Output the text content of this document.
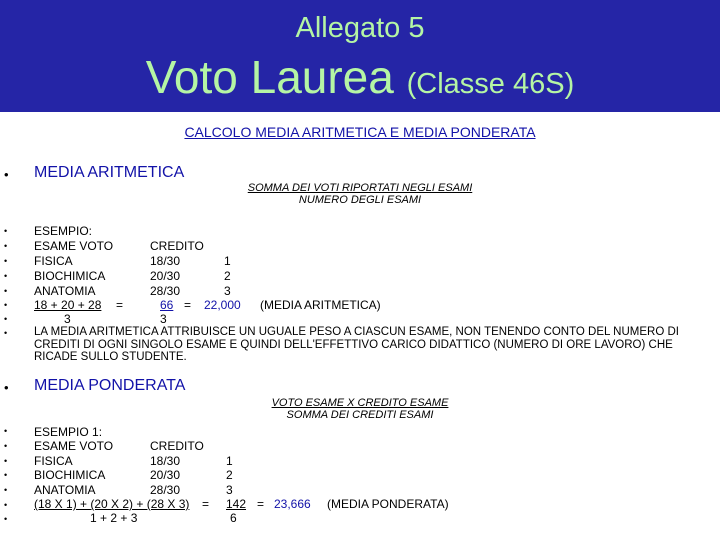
Allegato 5
Voto Laurea (Classe 46S)
CALCOLO MEDIA ARITMETICA E MEDIA PONDERATA
• MEDIA ARITMETICA
SOMMA DEI VOTI RIPORTATI NEGLI ESAMI
NUMERO DEGLI ESAMI
•
•
•
•
•
•
•
•
ESEMPIO:
ESAME VOTO	CREDITO
FISICA	18/30	1
BIOCHIMICA	20/30	2
ANATOMIA	28/30	3
18 + 20 + 28 =	66 = 22,000 (MEDIA ARITMETICA)
3	3
LA MEDIA ARITMETICA ATTRIBUISCE UN UGUALE PESO A CIASCUN ESAME, NON TENENDO CONTO DEL NUMERO DI CREDITI DI OGNI SINGOLO ESAME E QUINDI DELL'EFFETTIVO CARICO DIDATTICO (NUMERO DI ORE LAVORO) CHE RICADE SULLO STUDENTE.
• MEDIA PONDERATA
VOTO ESAME X CREDITO ESAME
SOMMA DEI CREDITI ESAMI
•
•
•
•
•
•
•
ESEMPIO 1:
ESAME VOTO	CREDITO
FISICA	18/30	1
BIOCHIMICA	20/30	2
ANATOMIA	28/30	3
(18 X 1) + (20 X 2) + (28 X 3) = 142 = 23,666 (MEDIA PONDERATA)
1 + 2 + 3	6
